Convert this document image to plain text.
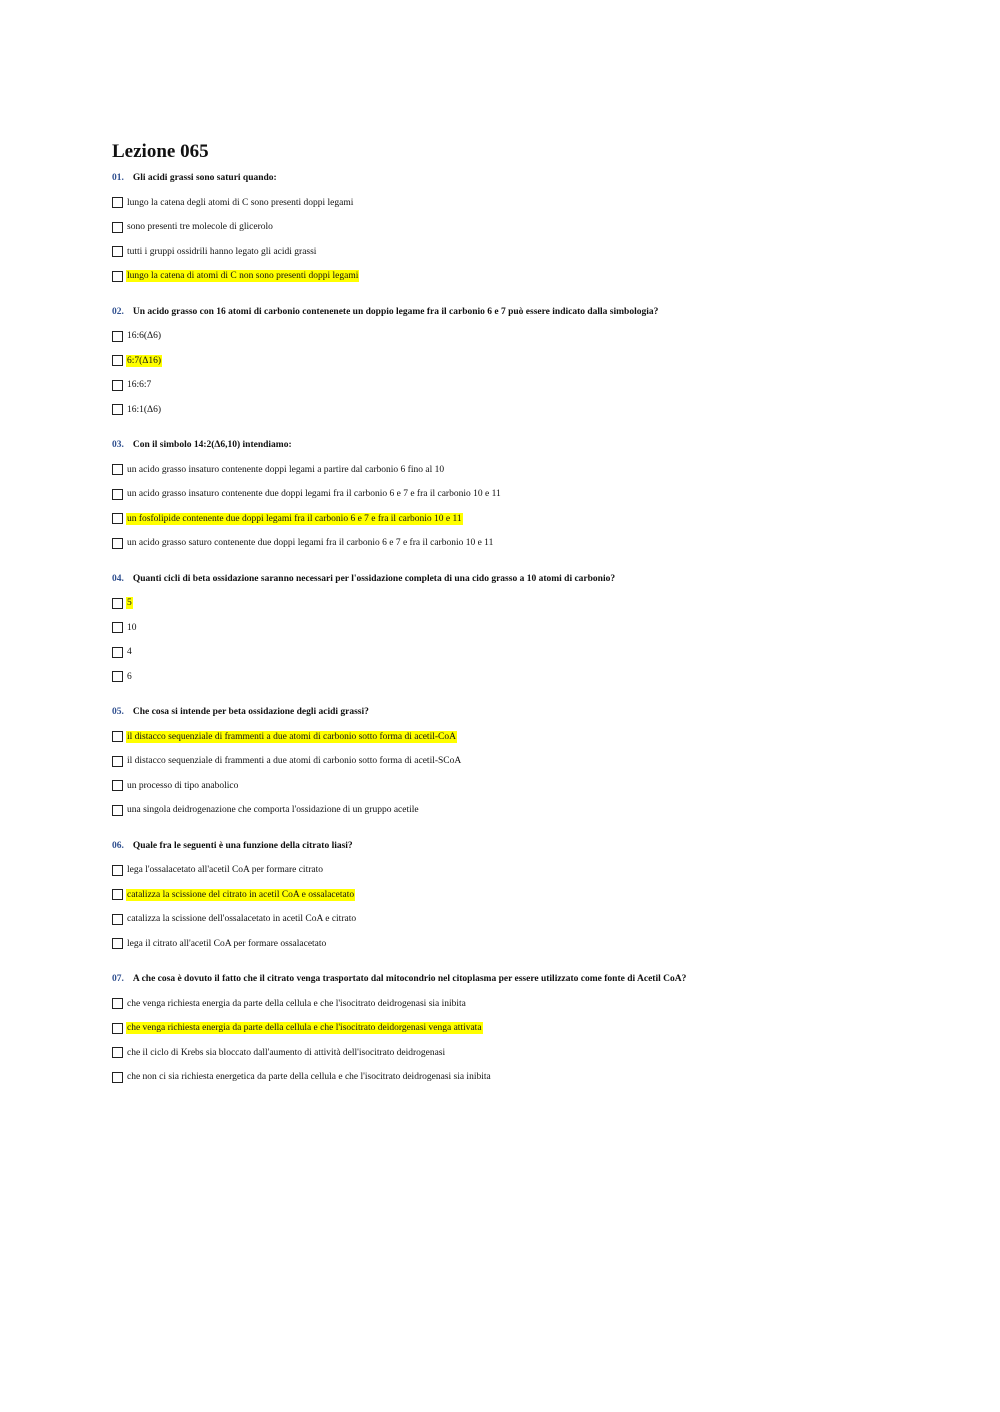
Lezione 065
01. Gli acidi grassi sono saturi quando:
lungo la catena degli atomi di C sono presenti doppi legami
sono presenti tre molecole di glicerolo
tutti i gruppi ossidrili hanno legato gli acidi grassi
lungo la catena di atomi di C non sono presenti doppi legami
02. Un acido grasso con 16 atomi di carbonio contenenete un doppio legame fra il carbonio 6 e 7 può essere indicato dalla simbologia?
16:6(Δ6)
6:7(Δ16)
16:6:7
16:1(Δ6)
03. Con il simbolo 14:2(Δ6,10) intendiamo:
un acido grasso insaturo contenente doppi legami a partire dal carbonio 6 fino al 10
un acido grasso insaturo contenente due doppi legami fra il carbonio 6 e 7 e fra il carbonio 10 e 11
un fosfolipide contenente due doppi legami fra il carbonio 6 e 7 e fra il carbonio 10 e 11
un acido grasso saturo contenente due doppi legami fra il carbonio 6 e 7 e fra il carbonio 10 e 11
04. Quanti cicli di beta ossidazione saranno necessari per l'ossidazione completa di una cido grasso a 10 atomi di carbonio?
5
10
4
6
05. Che cosa si intende per beta ossidazione degli acidi grassi?
il distacco sequenziale di frammenti a due atomi di carbonio sotto forma di acetil-CoA
il distacco sequenziale di frammenti a due atomi di carbonio sotto forma di acetil-SCoA
un processo di tipo anabolico
una singola deidrogenazione che comporta l'ossidazione di un gruppo acetile
06. Quale fra le seguenti è una funzione della citrato liasi?
lega l'ossalacetato all'acetil CoA per formare citrato
catalizza la scissione del citrato in acetil CoA e ossalacetato
catalizza la scissione dell'ossalacetato in acetil CoA e citrato
lega il citrato all'acetil CoA per formare ossalacetato
07. A che cosa è dovuto il fatto che il citrato venga trasportato dal mitocondrio nel citoplasma per essere utilizzato come fonte di Acetil CoA?
che venga richiesta energia da parte della cellula e che l'isocitrato deidrogenasi sia inibita
che venga richiesta energia da parte della cellula e che l'isocitrato deidorgenasi venga attivata
che il ciclo di Krebs sia bloccato dall'aumento di attività dell'isocitrato deidrogenasi
che non ci sia richiesta energetica da parte della cellula e che l'isocitrato deidrogenasi sia inibita
